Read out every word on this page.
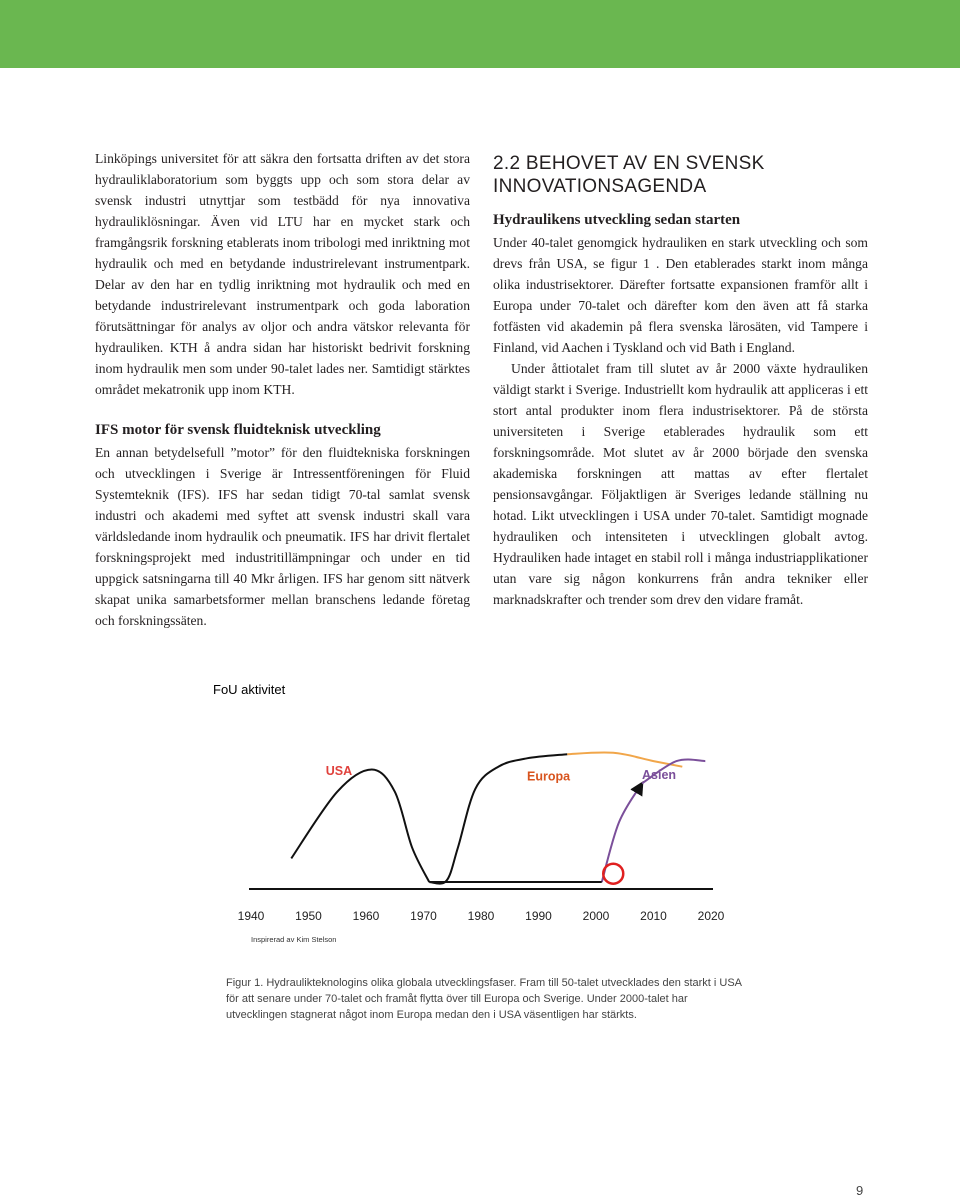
Linköpings universitet för att säkra den fortsatta driften av det stora hydrauliklaboratorium som byggts upp och som stora delar av svensk industri utnyttjar som testbädd för nya innovativa hydrauliklösningar. Även vid LTU har en mycket stark och framgångsrik forskning etablerats inom tribologi med inriktning mot hydraulik och med en betydande industrirelevant instrumentpark. Delar av den har en tydlig inriktning mot hydraulik och med en betydande industrirelevant instrumentpark och goda laboration förutsättningar för analys av oljor och andra vätskor relevanta för hydrauliken. KTH å andra sidan har historiskt bedrivit forskning inom hydraulik men som under 90-talet lades ner. Samtidigt stärktes området mekatronik upp inom KTH.

IFS motor för svensk fluidteknisk utveckling

En annan betydelsefull ”motor” för den fluidtekniska forskningen och utvecklingen i Sverige är Intressentföreningen för Fluid Systemteknik (IFS). IFS har sedan tidigt 70-tal samlat svensk industri och akademi med syftet att svensk industri skall vara världsledande inom hydraulik och pneumatik. IFS har drivit flertalet forskningsprojekt med industritillämpningar och under en tid uppgick satsningarna till 40 Mkr årligen. IFS har genom sitt nätverk skapat unika samarbetsformer mellan branschens ledande företag och forskningssäten.

2.2 BEHOVET AV EN SVENSK
INNOVATIONSAGENDA
Hydraulikens utveckling sedan starten

Under 40-talet genomgick hydrauliken en stark utveckling och som drevs från USA, se figur 1 . Den etablerades starkt inom många olika industrisektorer. Därefter fortsatte expansionen framför allt i Europa under 70-talet och därefter kom den även att få starka fotfästen vid akademin på flera svenska lärosäten, vid Tampere i Finland, vid Aachen i Tyskland och vid Bath i England.

Under åttiotalet fram till slutet av år 2000 växte hydrauliken väldigt starkt i Sverige. Industriellt kom hydraulik att appliceras i ett stort antal produkter inom flera industrisektorer. På de största universiteten i Sverige etablerades hydraulik som ett forskningsområde. Mot slutet av år 2000 började den svenska akademiska forskningen att mattas av efter flertalet pensionsavgångar. Följaktligen är Sveriges ledande ställning nu hotad. Likt utvecklingen i USA under 70-talet. Samtidigt mognade hydrauliken och intensiteten i utvecklingen globalt avtog. Hydrauliken hade intaget en stabil roll i många industriapplikationer utan vare sig någon konkurrens från andra tekniker eller marknadskrafter och trender som drev den vidare framåt.

FoU aktivitet
USA	Europa	Asien
1940	1950	1960	1970	1980	1990	2000	2010	2020
Inspirerad av Kim Stelson
Figur 1. Hydraulikteknologins olika globala utvecklingsfaser. Fram till 50-talet utvecklades den starkt i USA för att senare under 70-talet och framåt flytta över till Europa och Sverige. Under 2000-talet har utvecklingen stagnerat något inom Europa medan den i USA väsentligen har stärkts.
9
